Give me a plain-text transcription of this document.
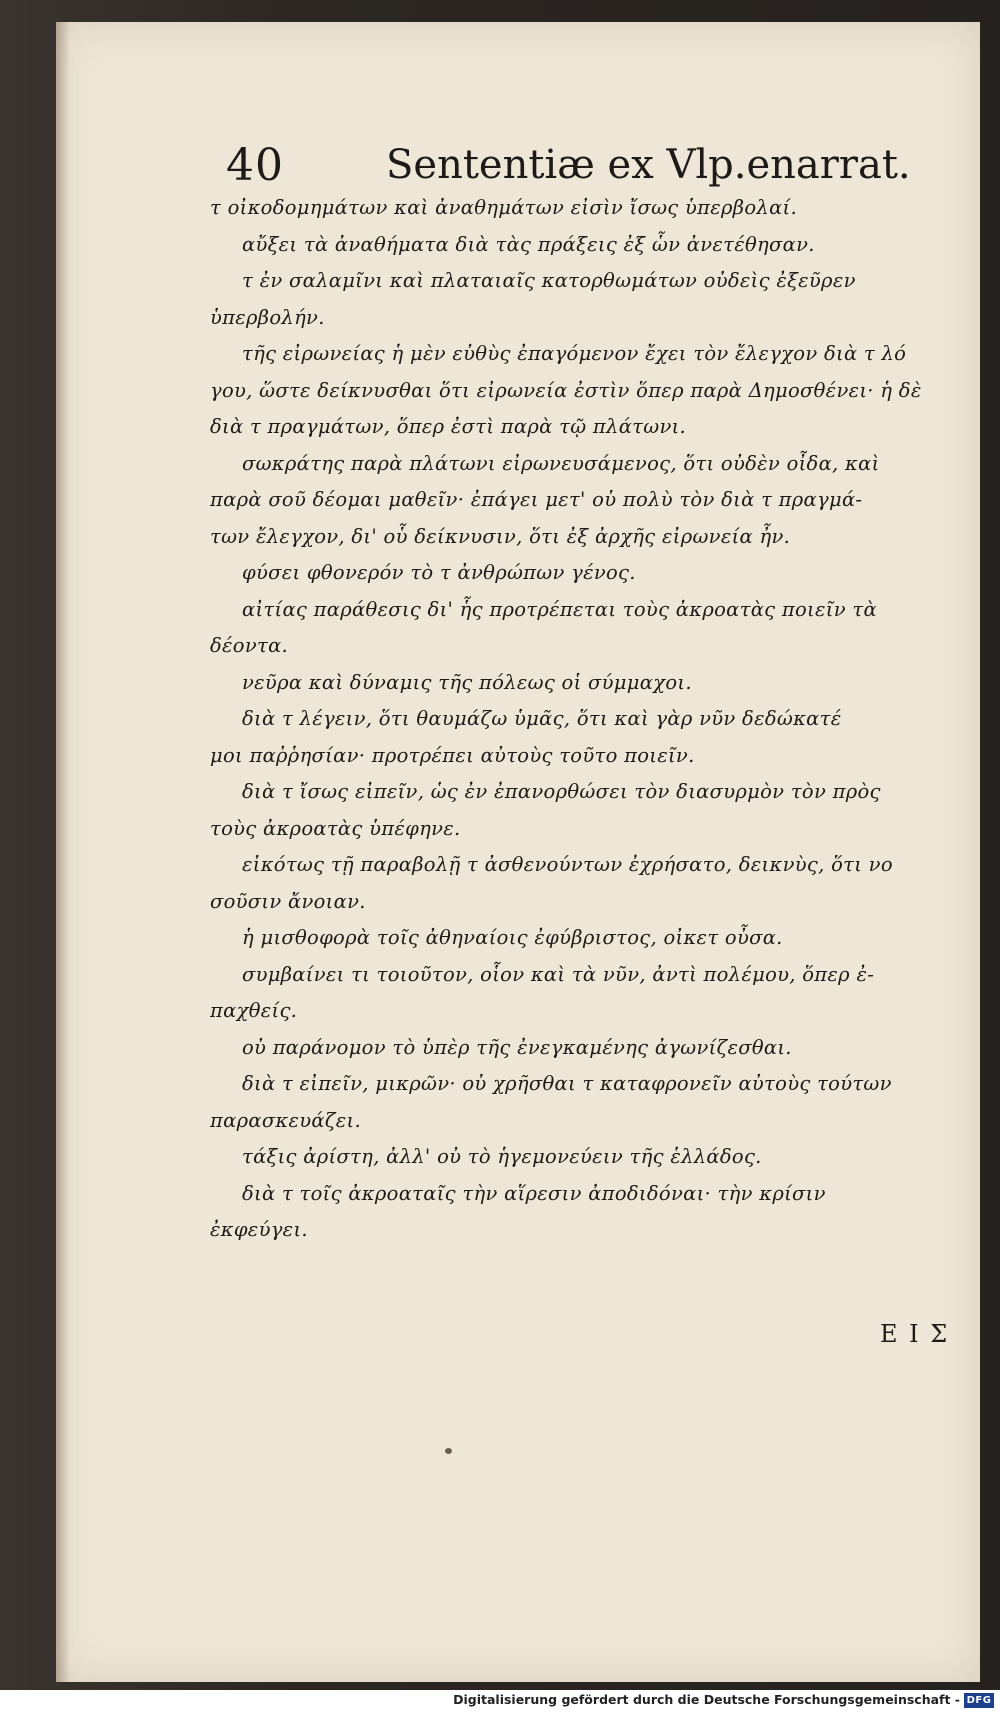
40	Sententiæ ex Vlp.enarrat.
τ οἰκοδομημάτων καὶ ἀναθημάτων εἰσὶν ἴσως ὑπερβολαί.
αὔξει τὰ ἀναθήματα διὰ τὰς πράξεις ἐξ ὧν ἀνετέθησαν.
τ ἐν σαλαμῖνι καὶ πλαταιαῖς κατορθωμάτων οὐδεὶς ἐξεῦρεν
ὑπερβολήν.
τῆς εἰρωνείας ἡ μὲν εὐθὺς ἐπαγόμενον ἔχει τὸν ἔλεγχον διὰ τ λό
γου, ὥστε δείκνυσθαι ὅτι εἰρωνεία ἐστὶν ὅπερ παρὰ Δημοσθένει· ἡ δὲ
διὰ τ πραγμάτων, ὅπερ ἐστὶ παρὰ τῷ πλάτωνι.
σωκράτης παρὰ πλάτωνι εἰρωνευσάμενος, ὅτι οὐδὲν οἶδα, καὶ
παρὰ σοῦ δέομαι μαθεῖν· ἐπάγει μετ' οὐ πολὺ τὸν διὰ τ πραγμά-
των ἔλεγχον, δι' οὗ δείκνυσιν, ὅτι ἐξ ἀρχῆς εἰρωνεία ἦν.
φύσει φθονερόν τὸ τ ἀνθρώπων γένος.
αἰτίας παράθεσις δι' ἧς προτρέπεται τοὺς ἀκροατὰς ποιεῖν τὰ
δέοντα.
νεῦρα καὶ δύναμις τῆς πόλεως οἱ σύμμαχοι.
διὰ τ λέγειν, ὅτι θαυμάζω ὑμᾶς, ὅτι καὶ γὰρ νῦν δεδώκατέ
μοι παῤῥησίαν· προτρέπει αὐτοὺς τοῦτο ποιεῖν.
διὰ τ ἴσως εἰπεῖν, ὡς ἐν ἐπανορθώσει τὸν διασυρμὸν τὸν πρὸς
τοὺς ἀκροατὰς ὑπέφηνε.
εἰκότως τῇ παραβολῇ τ ἀσθενούντων ἐχρήσατο, δεικνὺς, ὅτι νο
σοῦσιν ἄνοιαν.
ἡ μισθοφορὰ τοῖς ἀθηναίοις ἐφύβριστος, οἰκετ οὖσα.
συμβαίνει τι τοιοῦτον, οἷον καὶ τὰ νῦν, ἀντὶ πολέμου, ὅπερ ἐ-
παχθείς.
οὐ παράνομον τὸ ὑπὲρ τῆς ἐνεγκαμένης ἀγωνίζεσθαι.
διὰ τ εἰπεῖν, μικρῶν· οὐ χρῆσθαι τ καταφρονεῖν αὐτοὺς τούτων
παρασκευάζει.
τάξις ἀρίστη, ἀλλ' οὐ τὸ ἡγεμονεύειν τῆς ἑλλάδος.
διὰ τ τοῖς ἀκροαταῖς τὴν αἵρεσιν ἀποδιδόναι· τὴν κρίσιν
ἐκφεύγει.
E I Σ
Digitalisierung gefördert durch die Deutsche Forschungsgemeinschaft - DFG
